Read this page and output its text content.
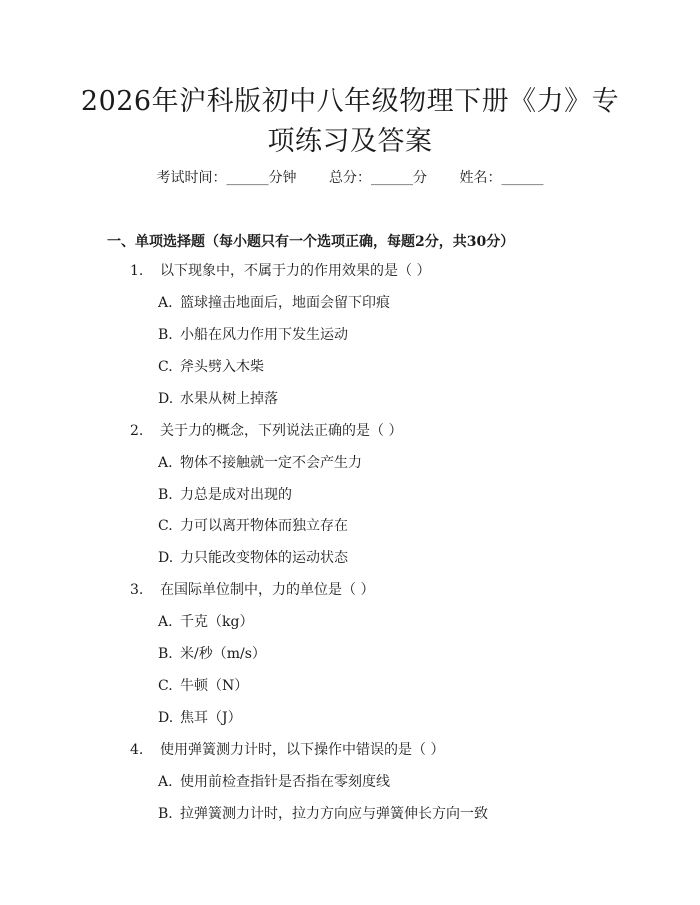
2026年沪科版初中八年级物理下册《力》专
项练习及答案
考试时间：______分钟 总分：______分 姓名：______
一、单项选择题（每小题只有一个选项正确，每题2分，共30分）
1. 以下现象中，不属于力的作用效果的是（ ）
A. 篮球撞击地面后，地面会留下印痕
B. 小船在风力作用下发生运动
C. 斧头劈入木柴
D. 水果从树上掉落
2. 关于力的概念，下列说法正确的是（ ）
A. 物体不接触就一定不会产生力
B. 力总是成对出现的
C. 力可以离开物体而独立存在
D. 力只能改变物体的运动状态
3. 在国际单位制中，力的单位是（ ）
A. 千克（kg）
B. 米/秒（m/s）
C. 牛顿（N）
D. 焦耳（J）
4. 使用弹簧测力计时，以下操作中错误的是（ ）
A. 使用前检查指针是否指在零刻度线
B. 拉弹簧测力计时，拉力方向应与弹簧伸长方向一致
